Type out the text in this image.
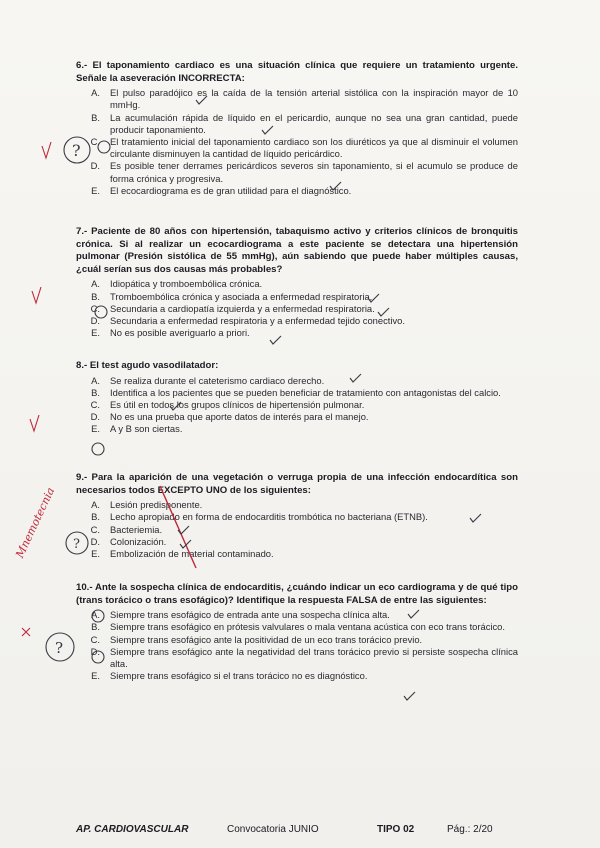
6.- El taponamiento cardiaco es una situación clínica que requiere un tratamiento urgente. Señale la aseveración INCORRECTA:
A.	El pulso paradójico es la caída de la tensión arterial sistólica con la inspiración mayor de 10 mmHg.
B.	La acumulación rápida de líquido en el pericardio, aunque no sea una gran cantidad, puede producir taponamiento.
C.	El tratamiento inicial del taponamiento cardiaco son los diuréticos ya que al disminuir el volumen circulante disminuyen la cantidad de líquido pericárdico.
D.	Es posible tener derrames pericárdicos severos sin taponamiento, si el acumulo se produce de forma crónica y progresiva.
E.	El ecocardiograma es de gran utilidad para el diagnóstico.
7.- Paciente de 80 años con hipertensión, tabaquismo activo y criterios clínicos de bronquitis crónica. Si al realizar un ecocardiograma a este paciente se detectara una hipertensión pulmonar (Presión sistólica de 55 mmHg), aún sabiendo que puede haber múltiples causas, ¿cuál serían sus dos causas más probables?
A.	Idiopática y tromboembólica crónica.
B.	Tromboembólica crónica y asociada a enfermedad respiratoria.
C.	Secundaria a cardiopatía izquierda y a enfermedad respiratoria.
D.	Secundaria a enfermedad respiratoria y a enfermedad tejido conectivo.
E.	No es posible averiguarlo a priori.
8.- El test agudo vasodilatador:
A.	Se realiza durante el cateterismo cardiaco derecho.
B.	Identifica a los pacientes que se pueden beneficiar de tratamiento con antagonistas del calcio.
C.	Es útil en todos los grupos clínicos de hipertensión pulmonar.
D.	No es una prueba que aporte datos de interés para el manejo.
E.	A y B son ciertas.
9.- Para la aparición de una vegetación o verruga propia de una infección endocardítica son necesarios todos EXCEPTO UNO de los siguientes:
A.	Lesión predisponente.
B.	Lecho apropiado en forma de endocarditis trombótica no bacteriana (ETNB).
C.	Bacteriemia.
D.	Colonización.
E.	Embolización de material contaminado.
10.- Ante la sospecha clínica de endocarditis, ¿cuándo indicar un eco cardiograma y de qué tipo (trans torácico o trans esofágico)? Identifique la respuesta FALSA de entre las siguientes:
A.	Siempre trans esofágico de entrada ante una sospecha clínica alta.
B.	Siempre trans esofágico en prótesis valvulares o mala ventana acústica con eco trans torácico.
C.	Siempre trans esofágico ante la positividad de un eco trans torácico previo.
D.	Siempre trans esofágico ante la negatividad del trans torácico previo si persiste sospecha clínica alta.
E.	Siempre trans esofágico si el trans torácico no es diagnóstico.
?
Mnemotecnia ?
?
AP. CARDIOVASCULAR	Convocatoria JUNIO	TIPO 02	Pág.: 2/20
